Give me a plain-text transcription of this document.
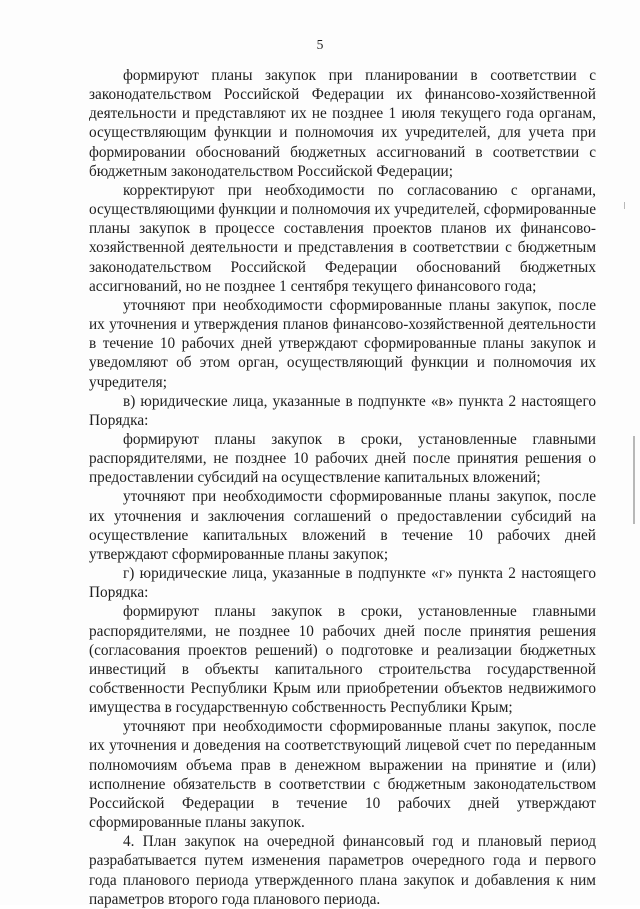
5

формируют планы закупок при планировании в соответствии с законодательством Российской Федерации их финансово-хозяйственной деятельности и представляют их не позднее 1 июля текущего года органам, осуществляющим функции и полномочия их учредителей, для учета при формировании обоснований бюджетных ассигнований в соответствии с бюджетным законодательством Российской Федерации;

корректируют при необходимости по согласованию с органами, осуществляющими функции и полномочия их учредителей, сформированные планы закупок в процессе составления проектов планов их финансово-хозяйственной деятельности и представления в соответствии с бюджетным законодательством Российской Федерации обоснований бюджетных ассигнований, но не позднее 1 сентября текущего финансового года;

уточняют при необходимости сформированные планы закупок, после их уточнения и утверждения планов финансово-хозяйственной деятельности в течение 10 рабочих дней утверждают сформированные планы закупок и уведомляют об этом орган, осуществляющий функции и полномочия их учредителя;

в) юридические лица, указанные в подпункте «в» пункта 2 настоящего Порядка:

формируют планы закупок в сроки, установленные главными распорядителями, не позднее 10 рабочих дней после принятия решения о предоставлении субсидий на осуществление капитальных вложений;

уточняют при необходимости сформированные планы закупок, после их уточнения и заключения соглашений о предоставлении субсидий на осуществление капитальных вложений в течение 10 рабочих дней утверждают сформированные планы закупок;

г) юридические лица, указанные в подпункте «г» пункта 2 настоящего Порядка:

формируют планы закупок в сроки, установленные главными распорядителями, не позднее 10 рабочих дней после принятия решения (согласования проектов решений) о подготовке и реализации бюджетных инвестиций в объекты капитального строительства государственной собственности Республики Крым или приобретении объектов недвижимого имущества в государственную собственность Республики Крым;

уточняют при необходимости сформированные планы закупок, после их уточнения и доведения на соответствующий лицевой счет по переданным полномочиям объема прав в денежном выражении на принятие и (или) исполнение обязательств в соответствии с бюджетным законодательством Российской Федерации в течение 10 рабочих дней утверждают сформированные планы закупок.

4. План закупок на очередной финансовый год и плановый период разрабатывается путем изменения параметров очередного года и первого года планового периода утвержденного плана закупок и добавления к ним параметров второго года планового периода.
